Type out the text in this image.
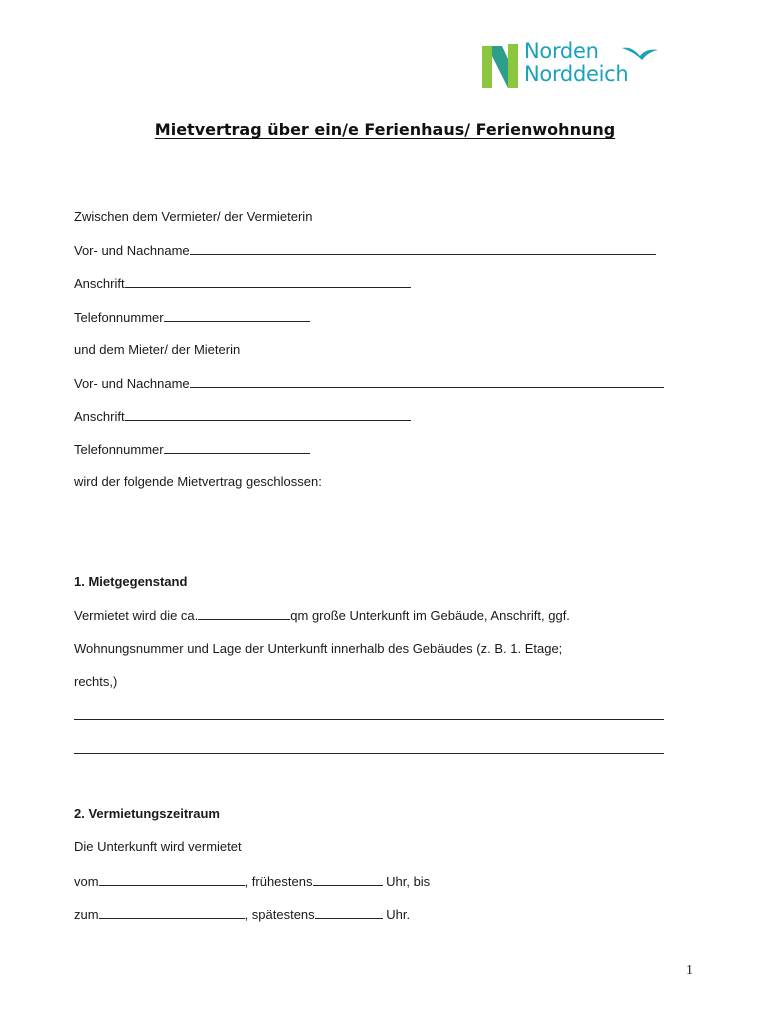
Norden
Norddeich
Mietvertrag über ein/e Ferienhaus/ Ferienwohnung
Zwischen dem Vermieter/ der Vermieterin
Vor- und Nachname
Anschrift
Telefonnummer
und dem Mieter/ der Mieterin
Vor- und Nachname
Anschrift
Telefonnummer
wird der folgende Mietvertrag geschlossen:
1. Mietgegenstand
Vermietet wird die ca.	qm große Unterkunft im Gebäude, Anschrift, ggf.
Wohnungsnummer und Lage der Unterkunft innerhalb des Gebäudes (z. B. 1. Etage;
rechts,)
2. Vermietungszeitraum
Die Unterkunft wird vermietet
vom	, frühestens	Uhr, bis
zum	, spätestens	Uhr.
1
